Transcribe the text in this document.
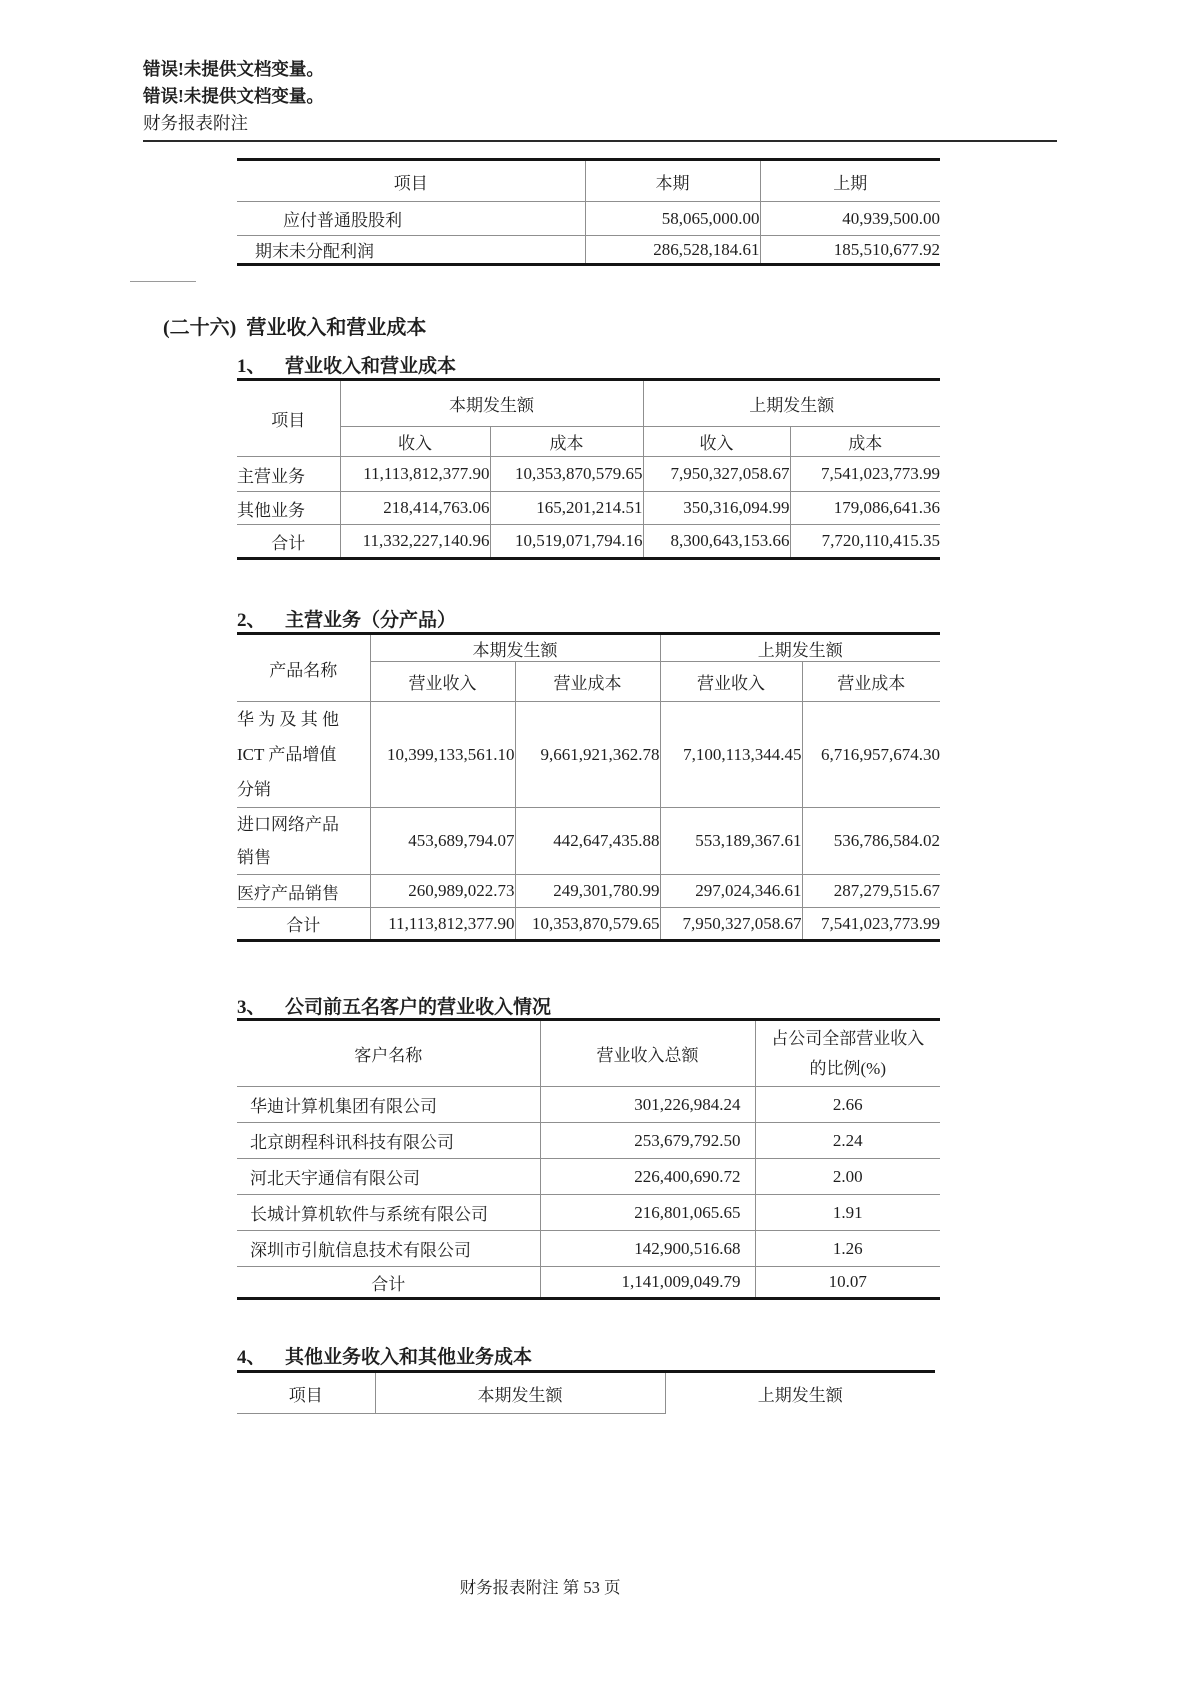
错误!未提供文档变量。
错误!未提供文档变量。
财务报表附注
项目	本期	上期
应付普通股股利	58,065,000.00	40,939,500.00
期末未分配利润	286,528,184.61	185,510,677.92
(二十六) 营业收入和营业成本
1、 营业收入和营业成本
项目	本期发生额		上期发生额	
	收入	成本	收入	成本
主营业务	11,113,812,377.90	10,353,870,579.65	7,950,327,058.67	7,541,023,773.99
其他业务	218,414,763.06	165,201,214.51	350,316,094.99	179,086,641.36
合计	11,332,227,140.96	10,519,071,794.16	8,300,643,153.66	7,720,110,415.35
2、 主营业务（分产品）
产品名称	本期发生额		上期发生额	
	营业收入	营业成本	营业收入	营业成本
华 为 及 其 他
ICT 产品增值
分销	10,399,133,561.10	9,661,921,362.78	7,100,113,344.45	6,716,957,674.30
进口网络产品
销售	453,689,794.07	442,647,435.88	553,189,367.61	536,786,584.02
医疗产品销售	260,989,022.73	249,301,780.99	297,024,346.61	287,279,515.67
合计	11,113,812,377.90	10,353,870,579.65	7,950,327,058.67	7,541,023,773.99
3、 公司前五名客户的营业收入情况
客户名称	营业收入总额	占公司全部营业收入
的比例(%)

华迪计算机集团有限公司	301,226,984.24	2.66
北京朗程科讯科技有限公司	253,679,792.50	2.24
河北天宇通信有限公司	226,400,690.72	2.00
长城计算机软件与系统有限公司	216,801,065.65	1.91
深圳市引航信息技术有限公司	142,900,516.68	1.26
合计	1,141,009,049.79	10.07
4、 其他业务收入和其他业务成本
项目	本期发生额	上期发生额
财务报表附注 第 53 页
